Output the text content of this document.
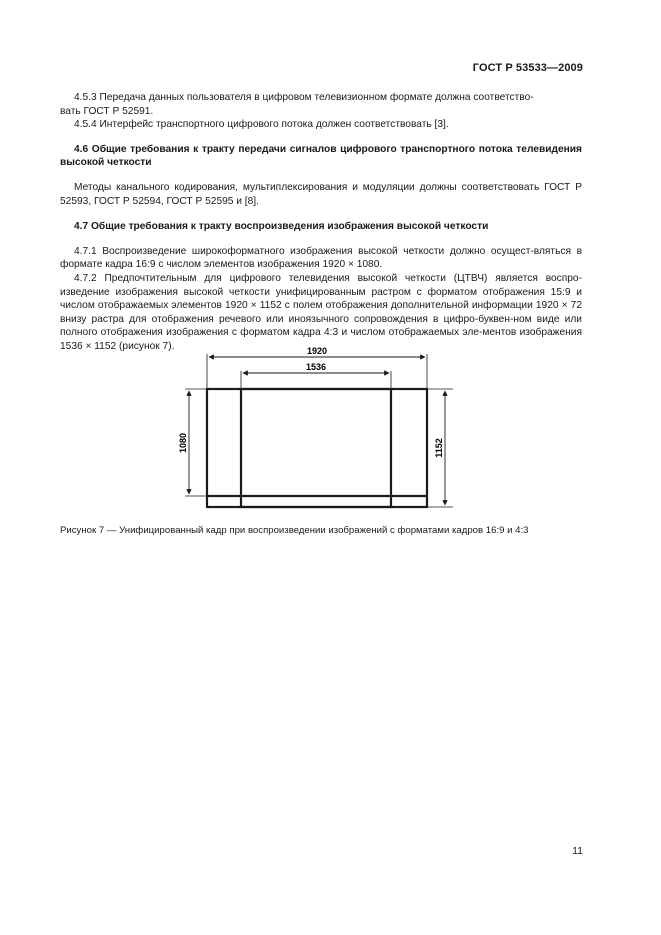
ГОСТ Р 53533—2009

4.5.3 Передача данных пользователя в цифровом телевизионном формате должна соответство-
вать ГОСТ Р 52591.

4.5.4 Интерфейс транспортного цифрового потока должен соответствовать [3].

4.6 Общие требования к тракту передачи сигналов цифрового транспортного потока телевидения высокой четкости

Методы канального кодирования, мультиплексирования и модуляции должны соответствовать ГОСТ Р 52593, ГОСТ Р 52594, ГОСТ Р 52595 и [8].

4.7 Общие требования к тракту воспроизведения изображения высокой четкости

4.7.1 Воспроизведение широкоформатного изображения высокой четкости должно осущест-вляться в формате кадра 16:9 с числом элементов изображения 1920 × 1080.

4.7.2 Предпочтительным для цифрового телевидения высокой четкости (ЦТВЧ) является воспро-изведение изображения высокой четкости унифицированным растром с форматом отображения 15:9 и числом отображаемых элементов 1920 × 1152 с полем отображения дополнительной информации 1920 × 72 внизу растра для отображения речевого или иноязычного сопровождения в цифро-буквен-ном виде или полного отображения изображения с форматом кадра 4:3 и числом отображаемых эле-ментов изображения 1536 × 1152 (рисунок 7).	1920
1536
1080	1152
Рисунок 7 — Унифицированный кадр при воспроизведении изображений с форматами кадров 16:9 и 4:3
11
